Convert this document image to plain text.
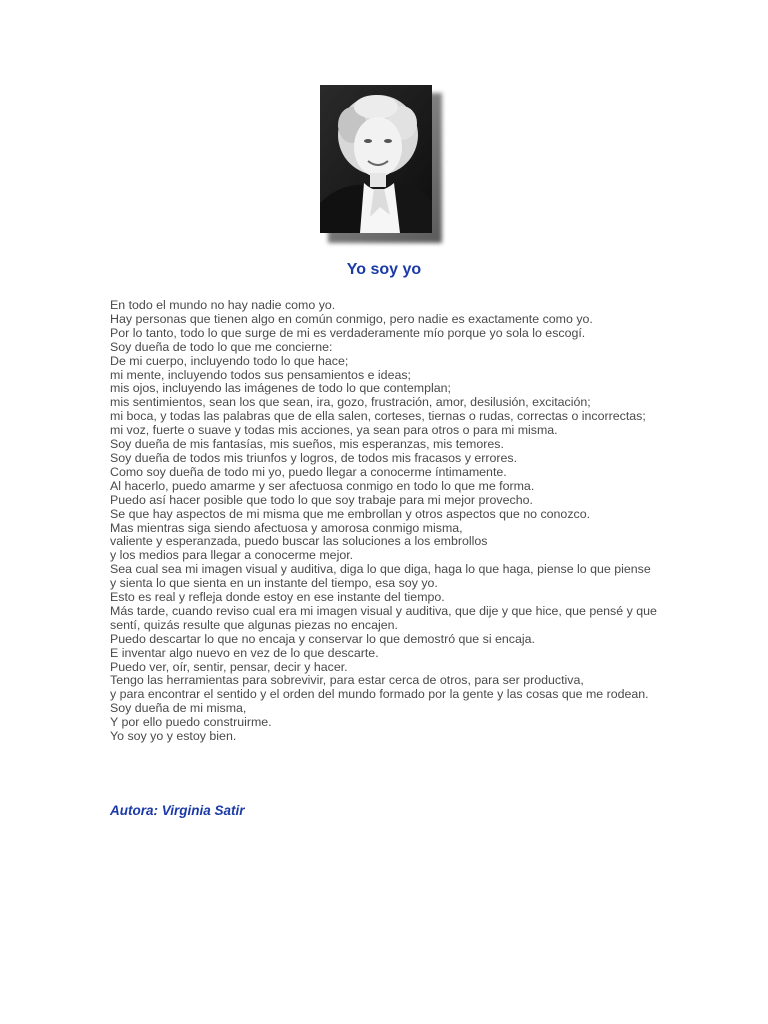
Yo soy yo
En todo el mundo no hay nadie como yo.
Hay personas que tienen algo en común conmigo, pero nadie es exactamente como yo.
Por lo tanto, todo lo que surge de mi es verdaderamente mío porque yo sola lo escogí.
Soy dueña de todo lo que me concierne:
De mi cuerpo, incluyendo todo lo que hace;
mi mente, incluyendo todos sus pensamientos e ideas;
mis ojos, incluyendo las imágenes de todo lo que contemplan;
mis sentimientos, sean los que sean, ira, gozo, frustración, amor, desilusión, excitación;
mi boca, y todas las palabras que de ella salen, corteses, tiernas o rudas, correctas o incorrectas;
mi voz, fuerte o suave y todas mis acciones, ya sean para otros o para mi misma.
Soy dueña de mis fantasías, mis sueños, mis esperanzas, mis temores.
Soy dueña de todos mis triunfos y logros, de todos mis fracasos y errores.
Como soy dueña de todo mi yo, puedo llegar a conocerme íntimamente.
Al hacerlo, puedo amarme y ser afectuosa conmigo en todo lo que me forma.
Puedo así hacer posible que todo lo que soy trabaje para mi mejor provecho.
Se que hay aspectos de mi misma que me embrollan y otros aspectos que no conozco.
Mas mientras siga siendo afectuosa y amorosa conmigo misma,
valiente y esperanzada, puedo buscar las soluciones a los embrollos
y los medios para llegar a conocerme mejor.
Sea cual sea mi imagen visual y auditiva, diga lo que diga, haga lo que haga, piense lo que piense y sienta lo que sienta en un instante del tiempo, esa soy yo.
Esto es real y refleja donde estoy en ese instante del tiempo.
Más tarde, cuando reviso cual era mi imagen visual y auditiva, que dije y que hice, que pensé y que sentí, quizás resulte que algunas piezas no encajen.
Puedo descartar lo que no encaja y conservar lo que demostró que si encaja.
E inventar algo nuevo en vez de lo que descarte.
Puedo ver, oír, sentir, pensar, decir y hacer.
Tengo las herramientas para sobrevivir, para estar cerca de otros, para ser productiva,
y para encontrar el sentido y el orden del mundo formado por la gente y las cosas que me rodean.
Soy dueña de mi misma,
Y por ello puedo construirme.
Yo soy yo y estoy bien.
Autora: Virginia Satir
